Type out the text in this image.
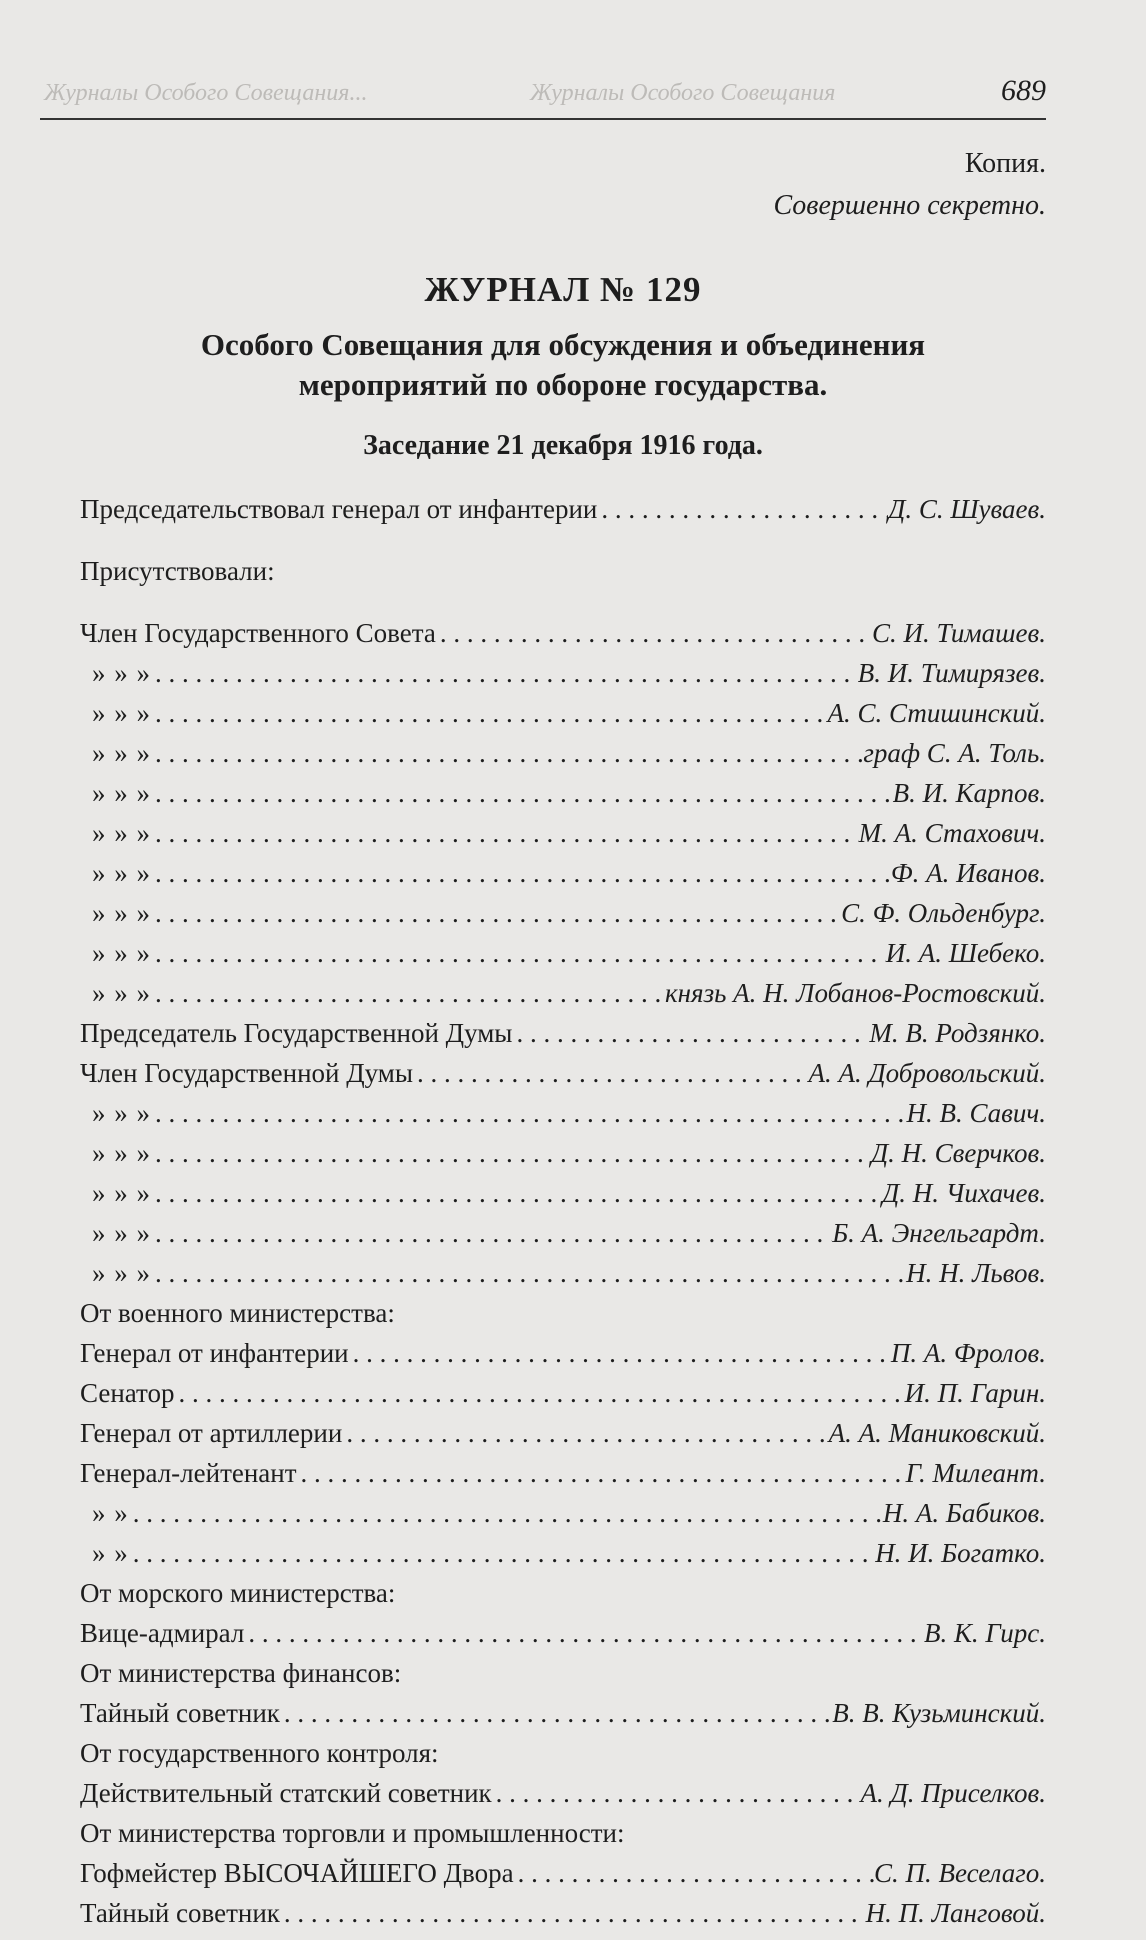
Журналы Особого Совещания...	Журналы Особого Совещания	689
Копия.
Совершенно секретно.
ЖУРНАЛ № 129
Особого Совещания для обсуждения и объединения
мероприятий по обороне государства.
Заседание 21 декабря 1916 года.
Председательствовал генерал от инфантерии . . .	Д. С. Шуваев.
Присутствовали:
Член Государственного Совета . . .	С. И. Тимашев.
» » » . . .	В. И. Тимирязев.
» » » . . .	А. С. Стишинский.
» » » . . .	граф С. А. Толь.
» » » . . .	В. И. Карпов.
» » » . . .	М. А. Стахович.
» » » . . .	Ф. А. Иванов.
» » » . . .	С. Ф. Ольденбург.
» » » . . .	И. А. Шебеко.
» » » . . .	князь А. Н. Лобанов-Ростовский.
Председатель Государственной Думы . . .	М. В. Родзянко.
Член Государственной Думы . . .	А. А. Добровольский.
» » » . . .	Н. В. Савич.
» » » . . .	Д. Н. Сверчков.
» » » . . .	Д. Н. Чихачев.
» » » . . .	Б. А. Энгельгардт.
» » » . . .	Н. Н. Львов.
От военного министерства:
Генерал от инфантерии . . .	П. А. Фролов.
Сенатор . . .	И. П. Гарин.
Генерал от артиллерии . . .	А. А. Маниковский.
Генерал-лейтенант . . .	Г. Милеант.
» » . . .	Н. А. Бабиков.
» » . . .	Н. И. Богатко.
От морского министерства:
Вице-адмирал . . .	В. К. Гирс.
От министерства финансов:
Тайный советник . . .	В. В. Кузьминский.
От государственного контроля:
Действительный статский советник . . .	А. Д. Приселков.
От министерства торговли и промышленности:
Гофмейстер ВЫСОЧАЙШЕГО Двора . . .	С. П. Веселаго.
Тайный советник . . .	Н. П. Ланговой.
